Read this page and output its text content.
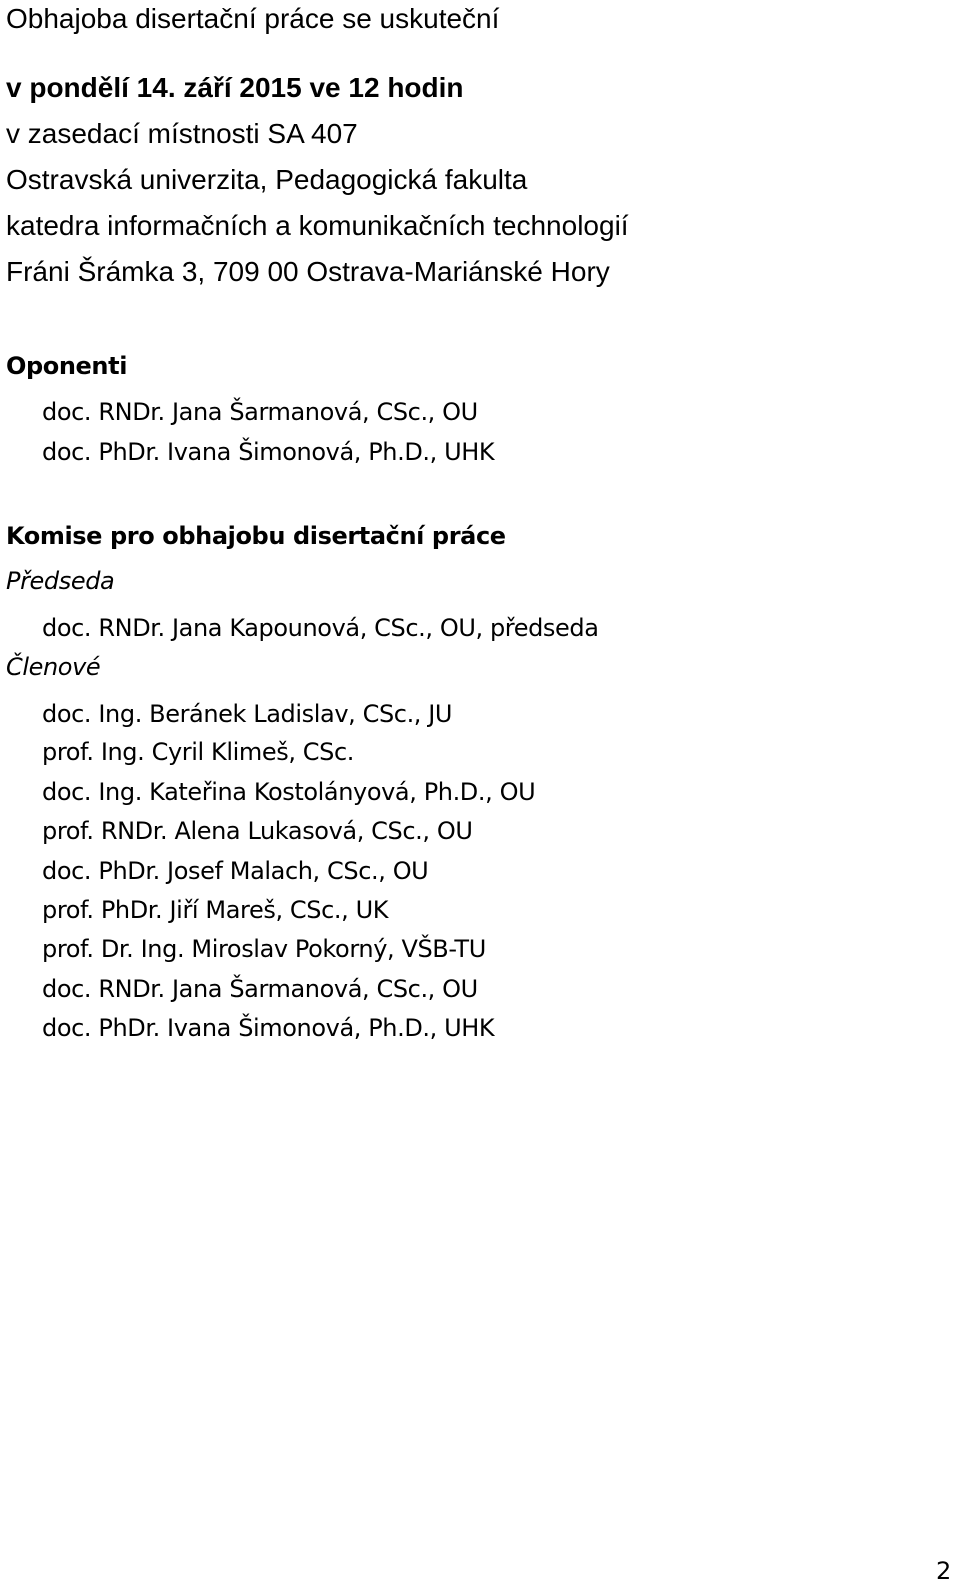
Obhajoba disertační práce se uskuteční
v pondělí 14. září 2015 ve 12 hodin
v zasedací místnosti SA 407
Ostravská univerzita, Pedagogická fakulta
katedra informačních a komunikačních technologií
Fráni Šrámka 3, 709 00 Ostrava-Mariánské Hory
Oponenti
doc. RNDr. Jana Šarmanová, CSc., OU
doc. PhDr. Ivana Šimonová, Ph.D., UHK
Komise pro obhajobu disertační práce
Předseda
doc. RNDr. Jana Kapounová, CSc., OU, předseda
Členové
doc. Ing. Beránek Ladislav, CSc., JU
prof. Ing. Cyril Klimeš, CSc.
doc. Ing. Kateřina Kostolányová, Ph.D., OU
prof. RNDr. Alena Lukasová, CSc., OU
doc. PhDr. Josef Malach, CSc., OU
prof. PhDr. Jiří Mareš, CSc., UK
prof. Dr. Ing. Miroslav Pokorný, VŠB-TU
doc. RNDr. Jana Šarmanová, CSc., OU
doc. PhDr. Ivana Šimonová, Ph.D., UHK
2
